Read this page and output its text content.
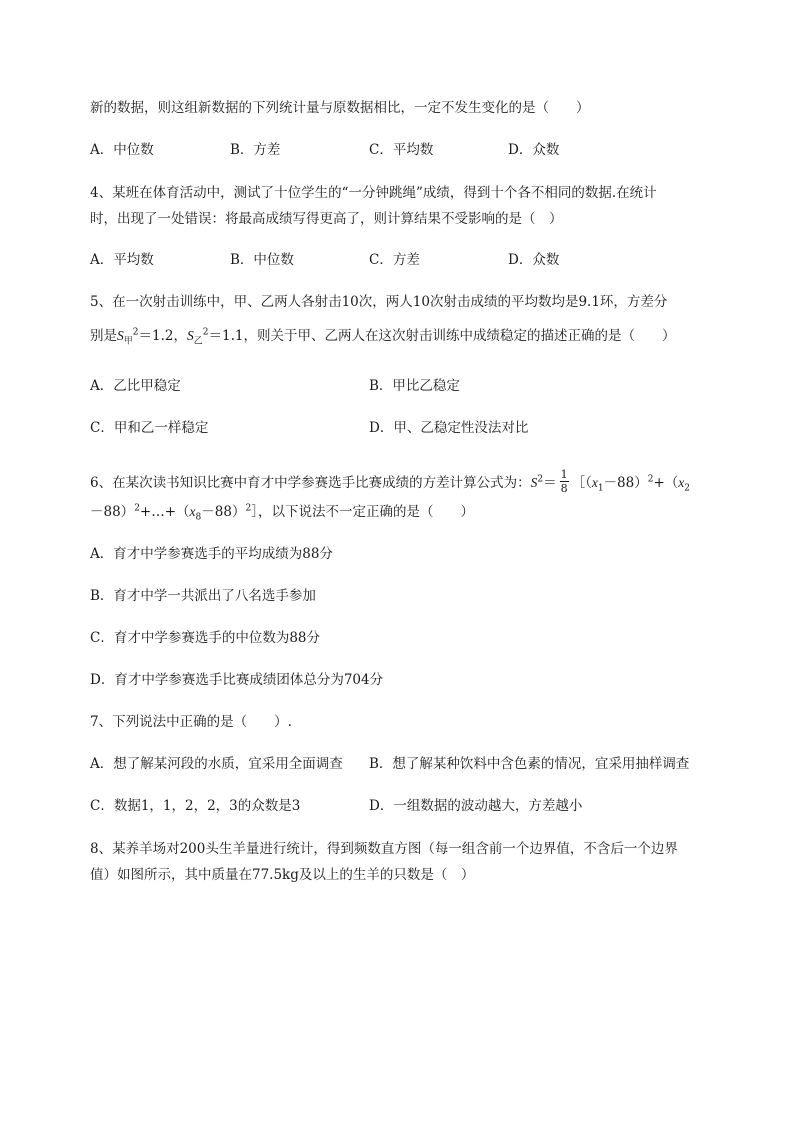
新的数据，则这组新数据的下列统计量与原数据相比，一定不发生变化的是（　　）
A．中位数	B．方差	C．平均数	D．众数
4、某班在体育活动中，测试了十位学生的“一分钟跳绳”成绩，得到十个各不相同的数据.在统计
时，出现了一处错误：将最高成绩写得更高了，则计算结果不受影响的是（　）
A．平均数	B．中位数	C．方差	D．众数
5、在一次射击训练中，甲、乙两人各射击10次，两人10次射击成绩的平均数均是9.1环，方差分
别是$S_甲^2=1.2$，$S_乙^2=1.1$，则关于甲、乙两人在这次射击训练中成绩稳定的描述正确的是（　　）
A．乙比甲稳定	B．甲比乙稳定
C．甲和乙一样稳定	D．甲、乙稳定性没法对比
6、在某次读书知识比赛中育才中学参赛选手比赛成绩的方差计算公式为：$S^2= \frac{1}{8}$ $[(x_1-88)^2+(x_2$
$-88)^2+\dots+(x_8-88)^2]$，以下说法不一定正确的是（　　）
A．育才中学参赛选手的平均成绩为88分
B．育才中学一共派出了八名选手参加
C．育才中学参赛选手的中位数为88分
D．育才中学参赛选手比赛成绩团体总分为704分
7、下列说法中正确的是（　　）.
A．想了解某河段的水质，宜采用全面调查 B．想了解某种饮料中含色素的情况，宜采用抽样调查
C．数据1，1，2，2，3的众数是3	D．一组数据的波动越大，方差越小
8、某养羊场对200头生羊量进行统计，得到频数直方图（每一组含前一个边界值，不含后一个边界
值）如图所示，其中质量在77.5kg及以上的生羊的只数是（　）
